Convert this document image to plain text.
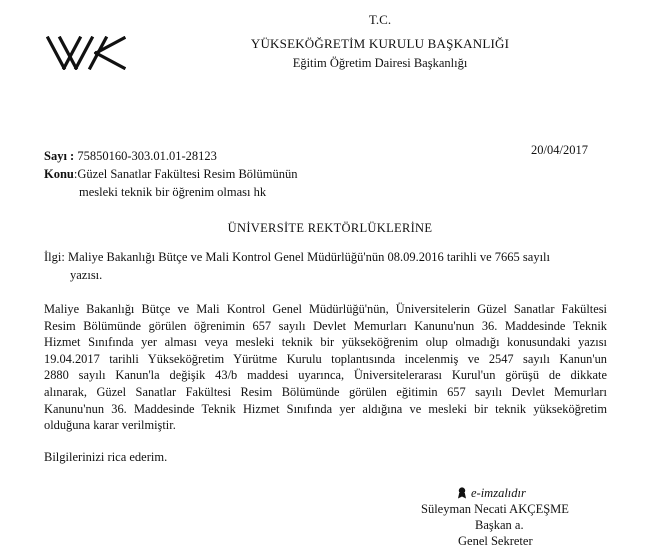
T.C.
YÜKSEKÖĞRETİM KURULU BAŞKANLIĞI
Eğitim Öğretim Dairesi Başkanlığı
20/04/2017
Sayı : 75850160-303.01.01-28123
Konu:Güzel Sanatlar Fakültesi Resim Bölümünün
mesleki teknik bir öğrenim olması hk
ÜNİVERSİTE REKTÖRLÜKLERİNE
İlgi: Maliye Bakanlığı Bütçe ve Mali Kontrol Genel Müdürlüğü'nün 08.09.2016 tarihli ve 7665 sayılı
yazısı.
Maliye Bakanlığı Bütçe ve Mali Kontrol Genel Müdürlüğü'nün, Üniversitelerin Güzel Sanatlar Fakültesi
Resim Bölümünde görülen öğrenimin 657 sayılı Devlet Memurları Kanunu'nun 36. Maddesinde Teknik
Hizmet Sınıfında yer alması veya mesleki teknik bir yükseköğrenim olup olmadığı konusundaki yazısı
19.04.2017 tarihli Yükseköğretim Yürütme Kurulu toplantısında incelenmiş ve 2547 sayılı Kanun'un
2880 sayılı Kanun'la değişik 43/b maddesi uyarınca, Üniversitelerarası Kurul'un görüşü de dikkate
alınarak, Güzel Sanatlar Fakültesi Resim Bölümünde görülen eğitimin 657 sayılı Devlet Memurları
Kanunu'nun 36. Maddesinde Teknik Hizmet Sınıfında yer aldığına ve mesleki bir teknik yükseköğretim
olduğuna karar verilmiştir.
Bilgilerinizi rica ederim.
e-imzalıdır
Süleyman Necati AKÇEŞME
Başkan a.
Genel Sekreter
